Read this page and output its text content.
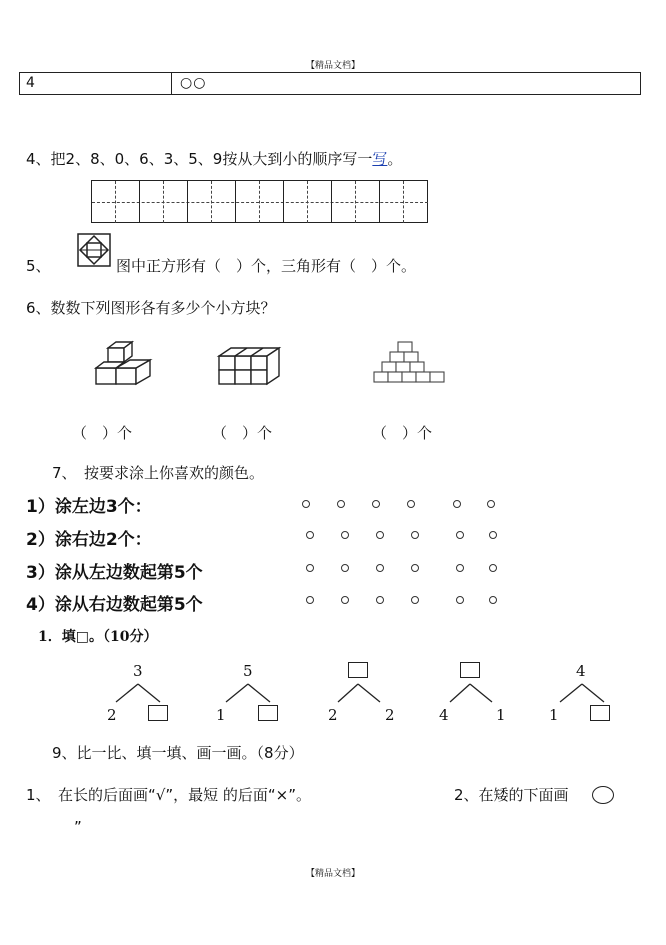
【精品文档】
4	○○
4、把2、8、0、6、3、5、9按从大到小的顺序写一写。
5、	图中正方形有（　）个，三角形有（　）个。
6、数数下列图形各有多少个小方块？
（　）个	（　）个	（　）个
7、　按要求涂上你喜欢的颜色。
1）涂左边3个：
2）涂右边2个：
3）涂从左边数起第5个
4）涂从右边数起第5个
1．填□。（10分）
3
2
5
1	2	2	4	1
4
1
9、比一比、填一填、画一画。（8分）
1、　在长的后面画“√”，最短 的后面“×”。	2、在矮的下面画
”
【精品文档】
